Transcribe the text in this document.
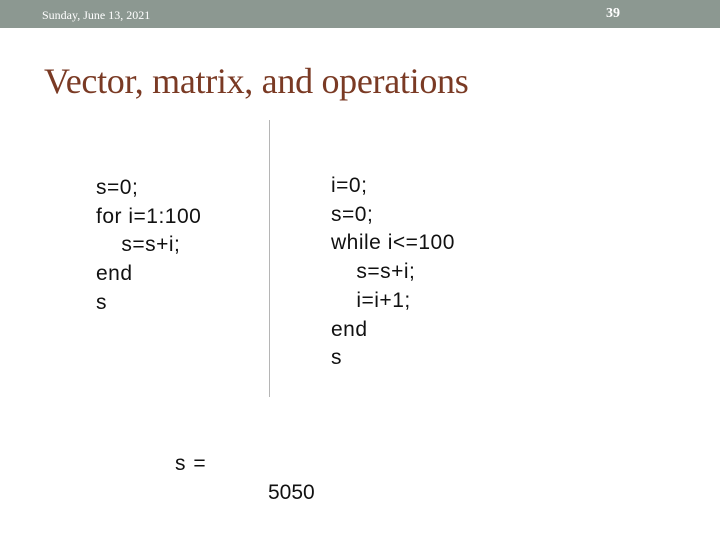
Sunday, June 13, 2021	39
Vector, matrix, and operations
s=0;
for i=1:100
s=s+i;
end
s
i=0;
s=0;
while i<=100
s=s+i;
i=i+1;
end
s
s =
5050
